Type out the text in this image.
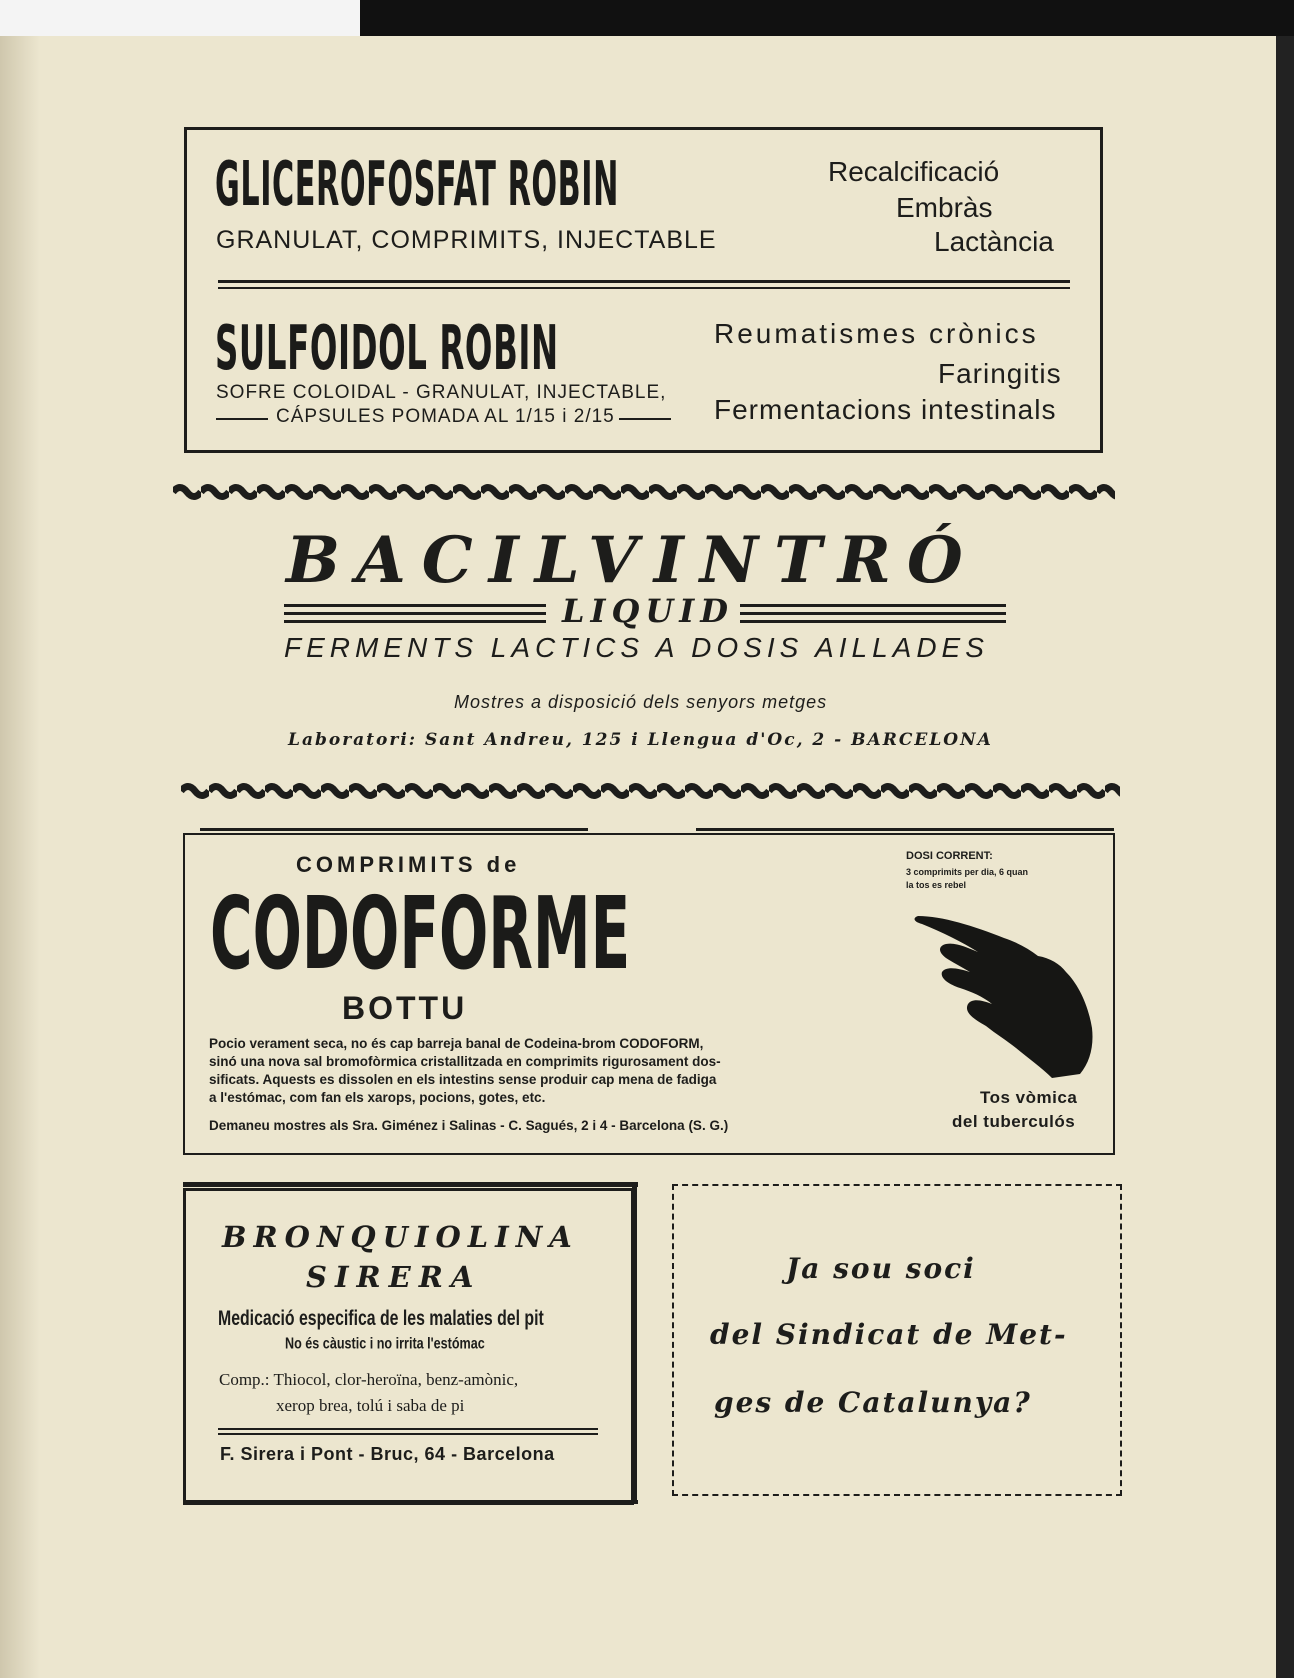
GLICEROFOSFAT ROBIN
GRANULAT, COMPRIMITS, INJECTABLE
Recalcificació
Embràs
Lactància
SULFOIDOL ROBIN
SOFRE COLOIDAL - GRANULAT, INJECTABLE,
CÁPSULES POMADA AL 1/15 i 2/15
Reumatismes crònics
Faringitis
Fermentacions intestinals
BACILVINTRÓ
LIQUID
FERMENTS LACTICS A DOSIS AILLADES
Mostres a disposició dels senyors metges
Laboratori: Sant Andreu, 125 i Llengua d'Oc, 2 - BARCELONA
COMPRIMITS de
CODOFORME
BOTTU
Pocio verament seca, no és cap barreja banal de Codeina-brom CODOFORM,
sinó una nova sal bromofòrmica cristallitzada en comprimits rigurosament dos-
sificats. Aquests es dissolen en els intestins sense produir cap mena de fadiga
a l'estómac, com fan els xarops, pocions, gotes, etc.
Demaneu mostres als Sra. Giménez i Salinas - C. Sagués, 2 i 4 - Barcelona (S. G.)
DOSI CORRENT:
3 comprimits per dia, 6 quan
la tos es rebel
Tos vòmica
del tuberculós
BRONQUIOLINA
SIRERA
Medicació especifica de les malaties del pit
No és càustic i no irrita l'estómac
Comp.: Thiocol, clor-heroïna, benz-amònic,
xerop brea, tolú i saba de pi
F. Sirera i Pont - Bruc, 64 - Barcelona
Ja sou soci
del Sindicat de Met-
ges de Catalunya?
